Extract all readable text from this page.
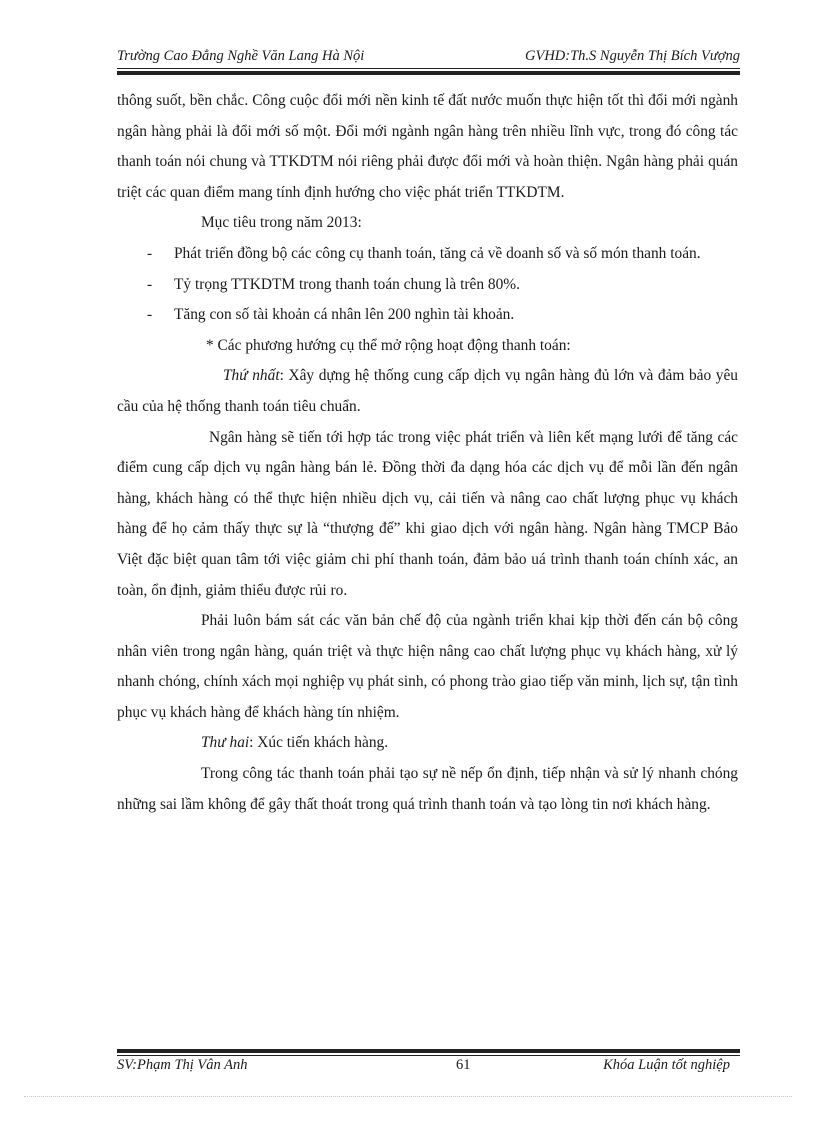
Trường Cao Đẳng Nghề Văn Lang Hà Nội	GVHD:Th.S Nguyễn Thị Bích Vượng

thông suốt, bền chắc. Công cuộc đổi mới nền kinh tế đất nước muốn thực hiện tốt thì đổi mới ngành ngân hàng phải là đổi mới số một. Đổi mới ngành ngân hàng trên nhiều lĩnh vực, trong đó công tác thanh toán nói chung và TTKDTM nói riêng phải được đổi mới và hoàn thiện. Ngân hàng phải quán triệt các quan điểm mang tính định hướng cho việc phát triển TTKDTM.

Mục tiêu trong năm 2013:

- Phát triển đồng bộ các công cụ thanh toán, tăng cả về doanh số và số món thanh toán.

- Tỷ trọng TTKDTM trong thanh toán chung là trên 80%.

- Tăng con số tài khoản cá nhân lên 200 nghìn tài khoản.

* Các phương hướng cụ thể mở rộng hoạt động thanh toán:

Thứ nhất: Xây dựng hệ thống cung cấp dịch vụ ngân hàng đủ lớn và đảm bảo yêu cầu của hệ thống thanh toán tiêu chuẩn.

Ngân hàng sẽ tiến tới hợp tác trong việc phát triển và liên kết mạng lưới để tăng các điểm cung cấp dịch vụ ngân hàng bán lẻ. Đồng thời đa dạng hóa các dịch vụ để mỗi lần đến ngân hàng, khách hàng có thể thực hiện nhiều dịch vụ, cải tiến và nâng cao chất lượng phục vụ khách hàng để họ cảm thấy thực sự là “thượng đế” khi giao dịch với ngân hàng. Ngân hàng TMCP Bảo Việt đặc biệt quan tâm tới việc giảm chi phí thanh toán, đảm bảo uá trình thanh toán chính xác, an toàn, ổn định, giảm thiểu được rủi ro.

Phải luôn bám sát các văn bản chế độ của ngành triển khai kịp thời đến cán bộ công nhân viên trong ngân hàng, quán triệt và thực hiện nâng cao chất lượng phục vụ khách hàng, xử lý nhanh chóng, chính xách mọi nghiệp vụ phát sinh, có phong trào giao tiếp văn minh, lịch sự, tận tình phục vụ khách hàng để khách hàng tín nhiệm.

Thư hai: Xúc tiến khách hàng.

Trong công tác thanh toán phải tạo sự nề nếp ổn định, tiếp nhận và sử lý nhanh chóng những sai lầm không để gây thất thoát trong quá trình thanh toán và tạo lòng tin nơi khách hàng.

SV:Phạm Thị Vân Anh	61	Khóa Luận tốt nghiệp
